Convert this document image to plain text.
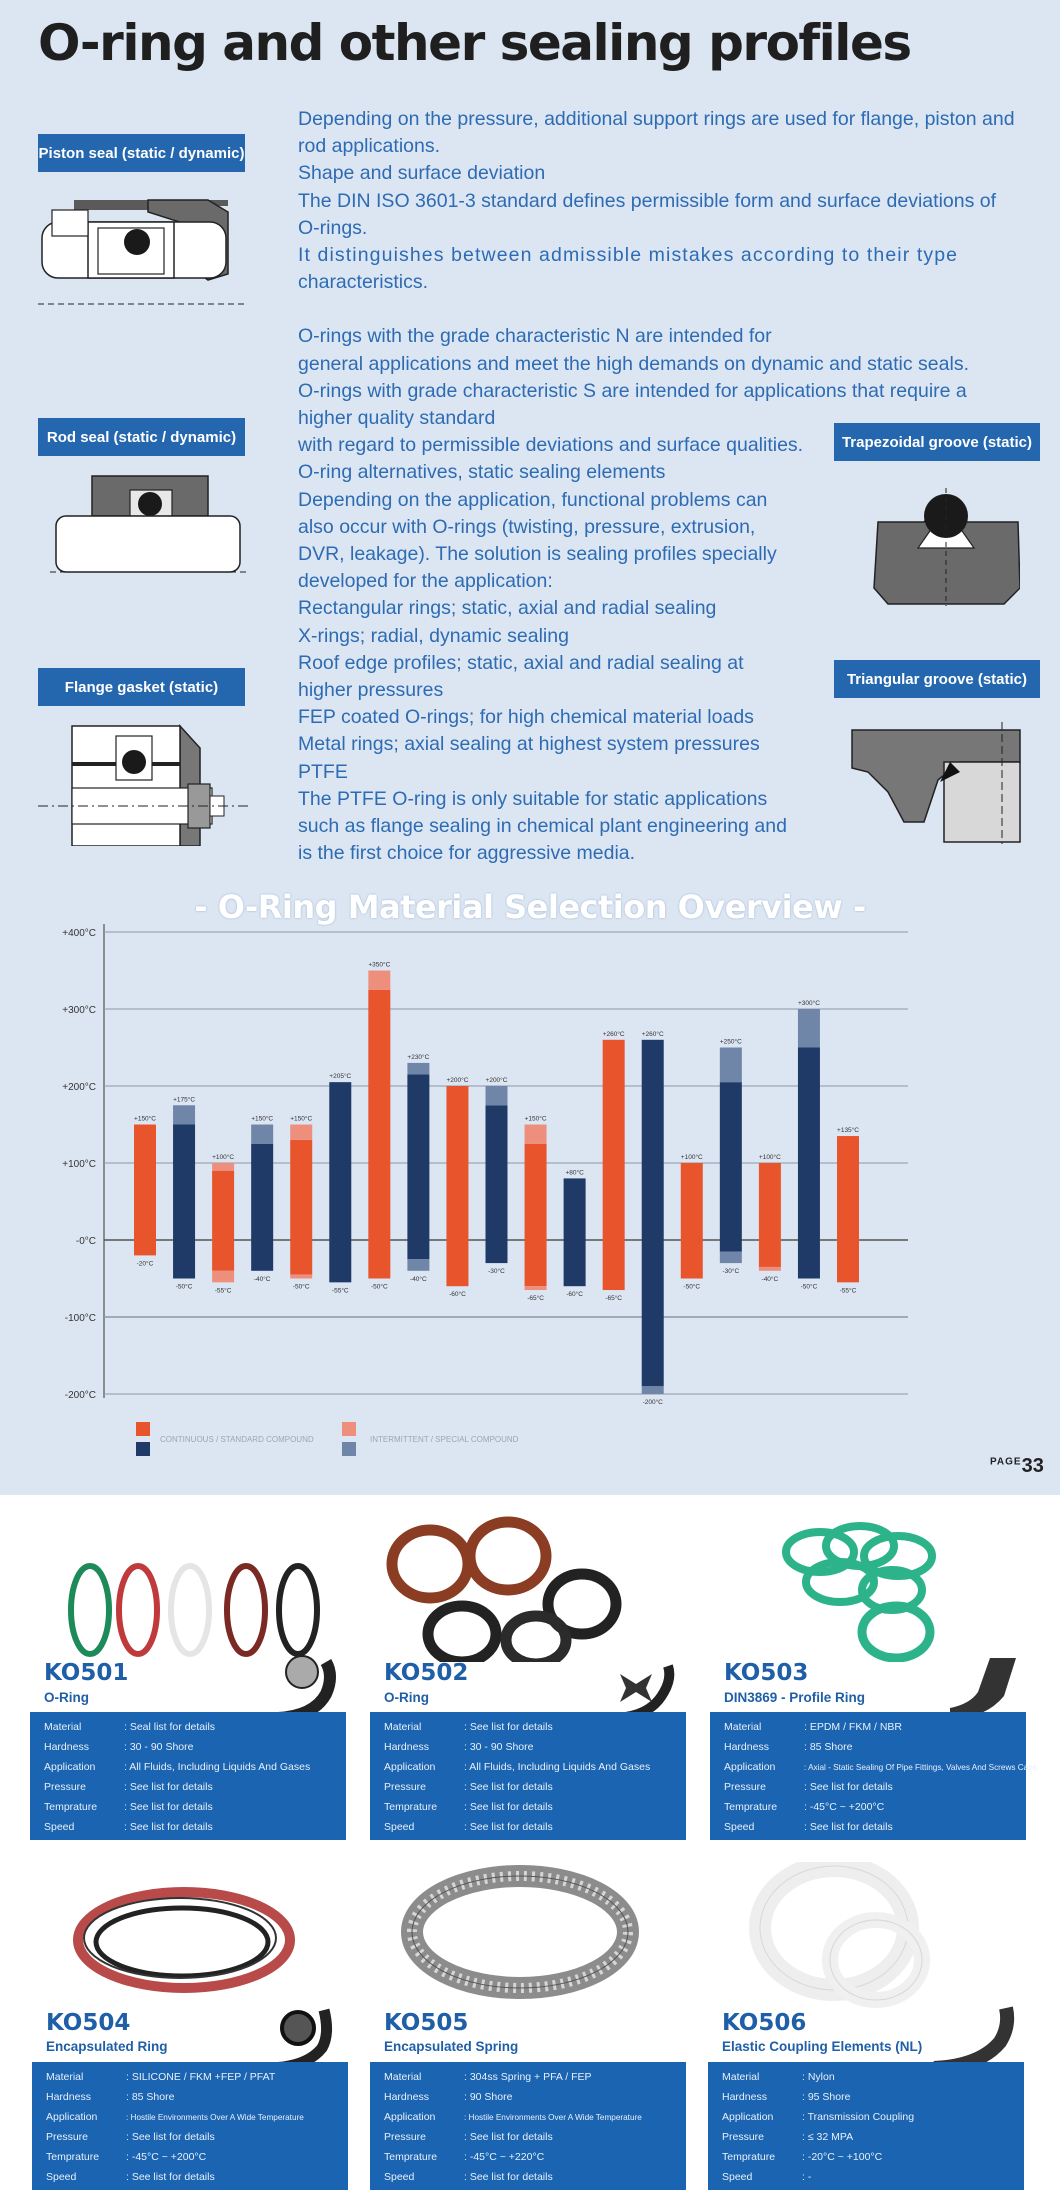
O-ring and other sealing profiles
Piston seal (static / dynamic)
Rod seal (static / dynamic)
Flange gasket (static)
Trapezoidal groove (static)
Triangular groove (static)

Depending on the pressure, additional support rings are used for flange, piston and

rod applications.

Shape and surface deviation

The DIN ISO 3601-3 standard defines permissible form and surface deviations of

O-rings.

It distinguishes between admissible mistakes according to their type

characteristics.

O-rings with the grade characteristic N are intended for

general applications and meet the high demands on dynamic and static seals.

O-rings with grade characteristic S are intended for applications that require a

higher quality standard

with regard to permissible deviations and surface qualities.

O-ring alternatives, static sealing elements

Depending on the application, functional problems can

also occur with O-rings (twisting, pressure, extrusion,

DVR, leakage). The solution is sealing profiles specially

developed for the application:

Rectangular rings; static, axial and radial sealing

X-rings; radial, dynamic sealing

Roof edge profiles; static, axial and radial sealing at

higher pressures

FEP coated O-rings; for high chemical material loads

Metal rings; axial sealing at highest system pressures

PTFE

The PTFE O-ring is only suitable for static applications

such as flange sealing in chemical plant engineering and

is the first choice for aggressive media.

+400°C
+300°C
+200°C
+100°C
-0°C
-100°C
-200°C
+150°C
-20°C
+175°C
-50°C
+100°C
-55°C
+150°C
-40°C
+150°C
-50°C
+205°C
-55°C
+350°C
-50°C
+230°C
-40°C
+200°C
-60°C
+200°C
-30°C
+150°C
-65°C
+80°C
-60°C
+260°C
-65°C
+260°C
-200°C
+100°C
-50°C
+250°C
-30°C
+100°C
-40°C
+300°C
-50°C
+135°C
-55°C
CONTINUOUS / STANDARD COMPOUND	INTERMITTENT / SPECIAL COMPOUND
- O-Ring Material Selection Overview -
$^{PAGE}$33
KO501
O-Ring
Material	: Seal list for details
Hardness	: 30 - 90 Shore
Application	: All Fluids, Including Liquids And Gases
Pressure	: See list for details
Temprature	: See list for details
Speed	: See list for details
KO502
O-Ring
Material	: See list for details
Hardness	: 30 - 90 Shore
Application	: All Fluids, Including Liquids And Gases
Pressure	: See list for details
Temprature	: See list for details
Speed	: See list for details
KO503
DIN3869 - Profile Ring
Material	: EPDM / FKM / NBR
Hardness	: 85 Shore
Application	: Axial - Static Sealing Of Pipe Fittings, Valves And Screws Caps
Pressure	: See list for details
Temprature	: -45°C ~ +200°C
Speed	: See list for details
KO504
Encapsulated Ring
Material	: SILICONE / FKM +FEP / PFAT
Hardness	: 85 Shore
Application	: Hostile Environments Over A Wide Temperature
Pressure	: See list for details
Temprature	: -45°C ~ +200°C
Speed	: See list for details
KO505
Encapsulated Spring
Material	: 304ss Spring + PFA / FEP
Hardness	: 90 Shore
Application	: Hostile Environments Over A Wide Temperature
Pressure	: See list for details
Temprature	: -45°C ~ +220°C
Speed	: See list for details
KO506
Elastic Coupling Elements (NL)
Material	: Nylon
Hardness	: 95 Shore
Application	: Transmission Coupling
Pressure	: ≤ 32 MPA
Temprature	: -20°C ~ +100°C
Speed	: -
